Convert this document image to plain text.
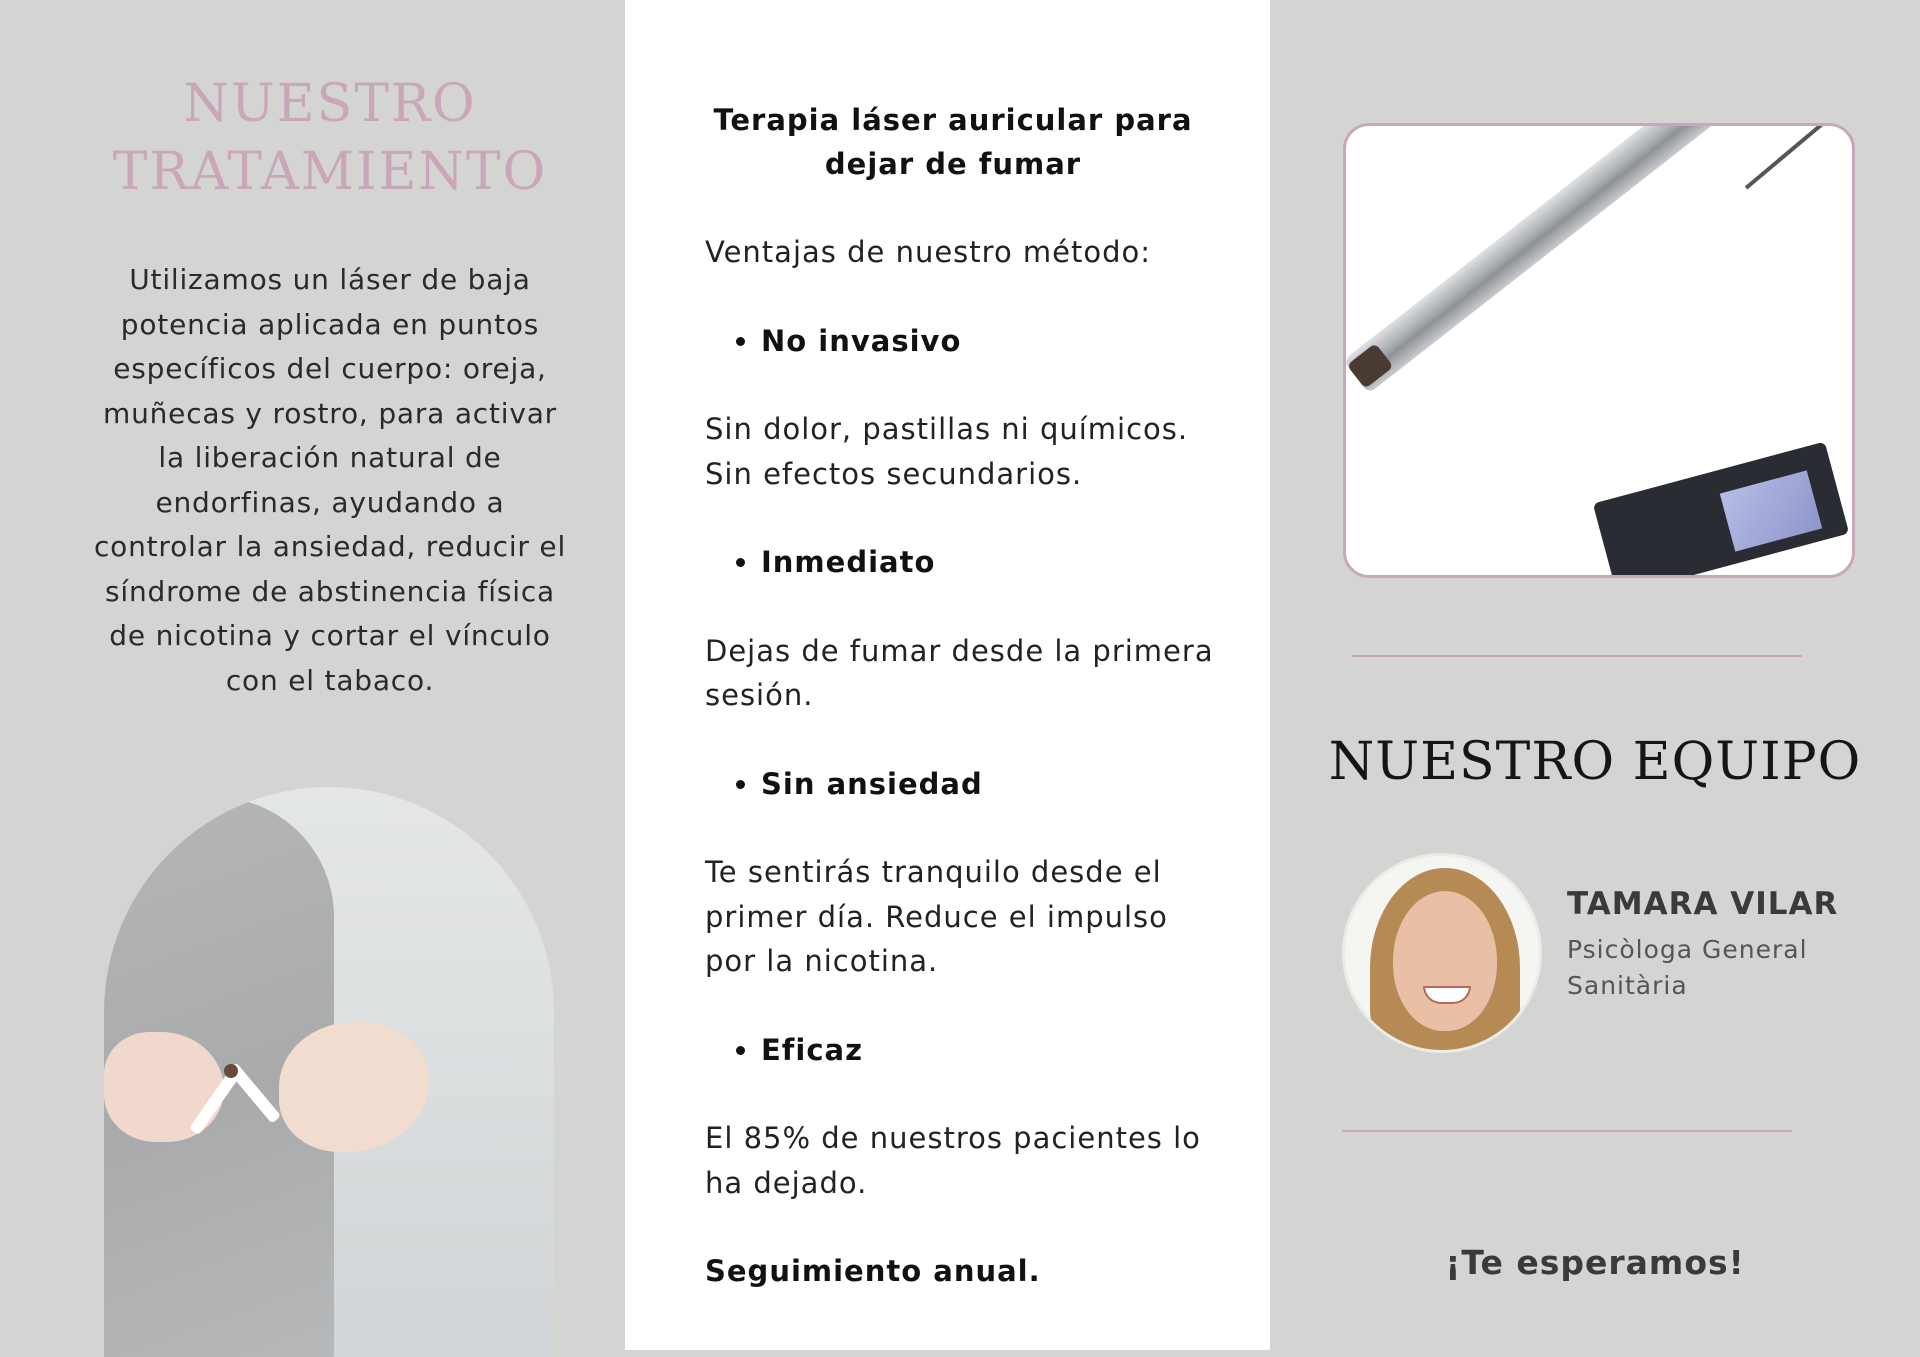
NUESTRO
TRATAMIENTO

Utilizamos un láser de baja potencia aplicada en puntos específicos del cuerpo: oreja, muñecas y rostro, para activar la liberación natural de endorfinas, ayudando a controlar la ansiedad, reducir el síndrome de abstinencia física de nicotina y cortar el vínculo con el tabaco.

Terapia láser auricular para dejar de fumar

Ventajas de nuestro método:

• No invasivo

Sin dolor, pastillas ni químicos. Sin efectos secundarios.

• Inmediato

Dejas de fumar desde la primera sesión.

• Sin ansiedad

Te sentirás tranquilo desde el primer día. Reduce el impulso por la nicotina.

• Eficaz

El 85% de nuestros pacientes lo ha dejado.

Seguimiento anual.

NUESTRO EQUIPO

TAMARA VILAR

Psicòloga General Sanitària

¡Te esperamos!
